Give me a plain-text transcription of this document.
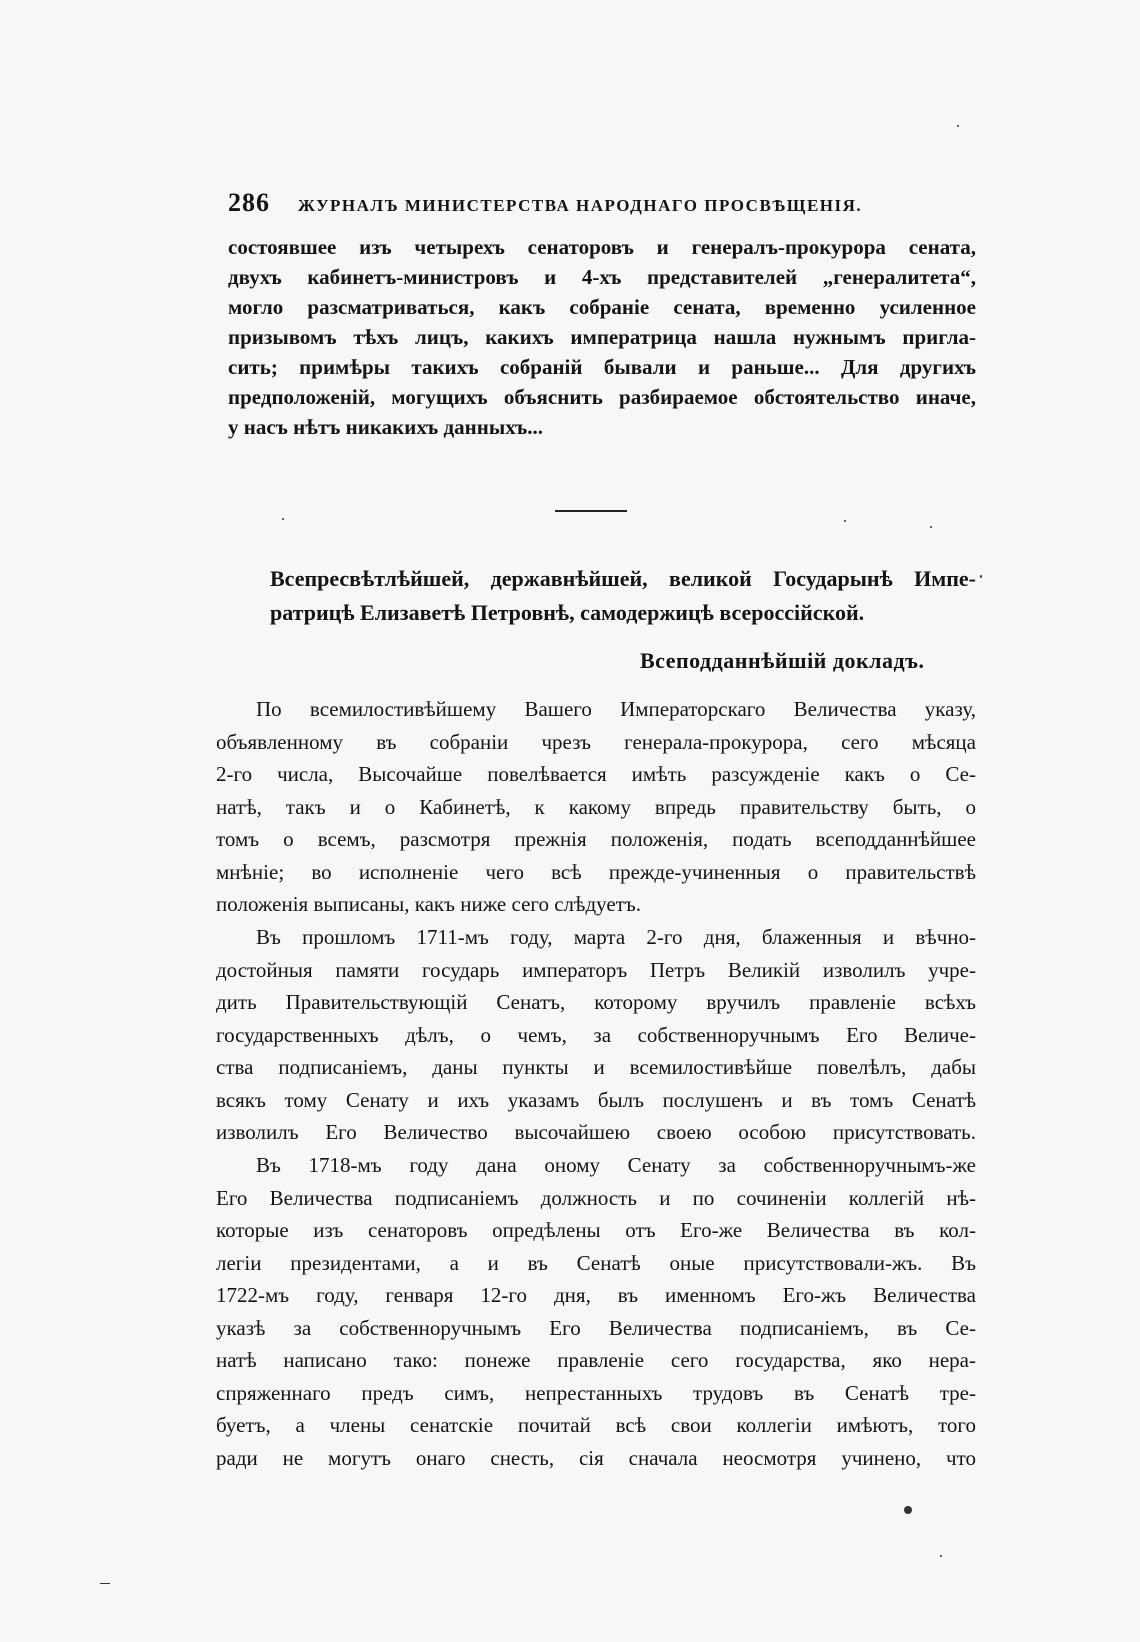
286 ЖУРНАЛЪ МИНИСТЕРСТВА НАРОДНАГО ПРОСВѢЩЕНІЯ.
состоявшее изъ четырехъ сенаторовъ и генералъ-прокурора сената,
двухъ кабинетъ-министровъ и 4-хъ представителей „генералитета“,
могло разсматриваться, какъ собраніе сената, временно усиленное
призывомъ тѣхъ лицъ, какихъ императрица нашла нужнымъ пригла-
сить; примѣры такихъ собраній бывали и раньше... Для другихъ
предположеній, могущихъ объяснить разбираемое обстоятельство иначе,
у насъ нѣтъ никакихъ данныхъ...
Всепресвѣтлѣйшей, державнѣйшей, великой Государынѣ Импе-
ратрицѣ Елизаветѣ Петровнѣ, самодержицѣ всероссійской.
Всеподданнѣйшій докладъ.
По всемилостивѣйшему Вашего Императорскаго Величества указу,
объявленному въ собраніи чрезъ генерала-прокурора, сего мѣсяца
2-го числа, Высочайше повелѣвается имѣть разсужденіе какъ о Се-
натѣ, такъ и о Кабинетѣ, к какому впредь правительству быть, о
томъ о всемъ, разсмотря прежнія положенія, подать всеподданнѣйшее
мнѣніе; во исполненіе чего всѣ прежде-учиненныя о правительствѣ
положенія выписаны, какъ ниже сего слѣдуетъ.
Въ прошломъ 1711-мъ году, марта 2-го дня, блаженныя и вѣчно-
достойныя памяти государь императоръ Петръ Великій изволилъ учре-
дить Правительствующій Сенатъ, которому вручилъ правленіе всѣхъ
государственныхъ дѣлъ, о чемъ, за собственноручнымъ Его Величе-
ства подписаніемъ, даны пункты и всемилостивѣйше повелѣлъ, дабы
всякъ тому Сенату и ихъ указамъ былъ послушенъ и въ томъ Сенатѣ
изволилъ Его Величество высочайшею своею особою присутствовать.
Въ 1718-мъ году дана оному Сенату за собственноручнымъ-же
Его Величества подписаніемъ должность и по сочиненіи коллегій нѣ-
которые изъ сенаторовъ опредѣлены отъ Его-же Величества въ кол-
легіи президентами, а и въ Сенатѣ оные присутствовали-жъ. Въ
1722-мъ году, генваря 12-го дня, въ именномъ Его-жъ Величества
указѣ за собственноручнымъ Его Величества подписаніемъ, въ Се-
натѣ написано тако: понеже правленіе сего государства, яко нера-
спряженнаго предъ симъ, непрестанныхъ трудовъ въ Сенатѣ тре-
буетъ, а члены сенатскіе почитай всѣ свои коллегіи имѣютъ, того
ради не могутъ онаго снесть, сія сначала неосмотря учинено, что
